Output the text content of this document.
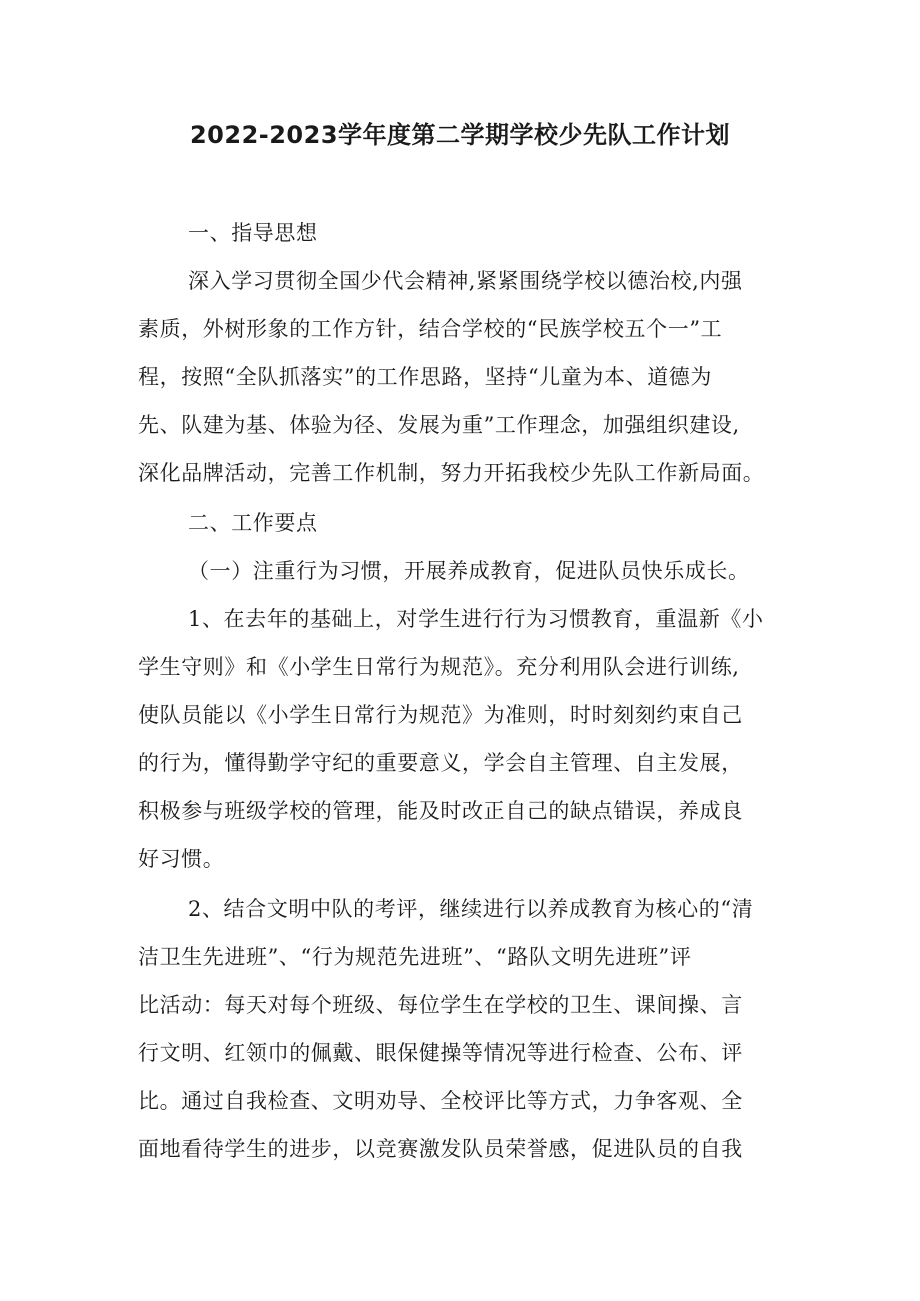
2022-2023学年度第二学期学校少先队工作计划
一、指导思想
深入学习贯彻全国少代会精神,紧紧围绕学校以德治校,内强
素质，外树形象的工作方针，结合学校的“民族学校五个一”工
程，按照“全队抓落实”的工作思路，坚持“儿童为本、道德为
先、队建为基、体验为径、发展为重”工作理念，加强组织建设,
深化品牌活动，完善工作机制，努力开拓我校少先队工作新局面。
二、工作要点
（一）注重行为习惯，开展养成教育，促进队员快乐成长。
1、在去年的基础上，对学生进行行为习惯教育，重温新《小
学生守则》和《小学生日常行为规范》。充分利用队会进行训练,
使队员能以《小学生日常行为规范》为准则，时时刻刻约束自己
的行为，懂得勤学守纪的重要意义，学会自主管理、自主发展，
积极参与班级学校的管理，能及时改正自己的缺点错误，养成良
好习惯。
2、结合文明中队的考评，继续进行以养成教育为核心的“清
洁卫生先进班”、“行为规范先进班”、“路队文明先进班”评
比活动：每天对每个班级、每位学生在学校的卫生、课间操、言
行文明、红领巾的佩戴、眼保健操等情况等进行检查、公布、评
比。通过自我检查、文明劝导、全校评比等方式，力争客观、全
面地看待学生的进步，以竞赛激发队员荣誉感，促进队员的自我
